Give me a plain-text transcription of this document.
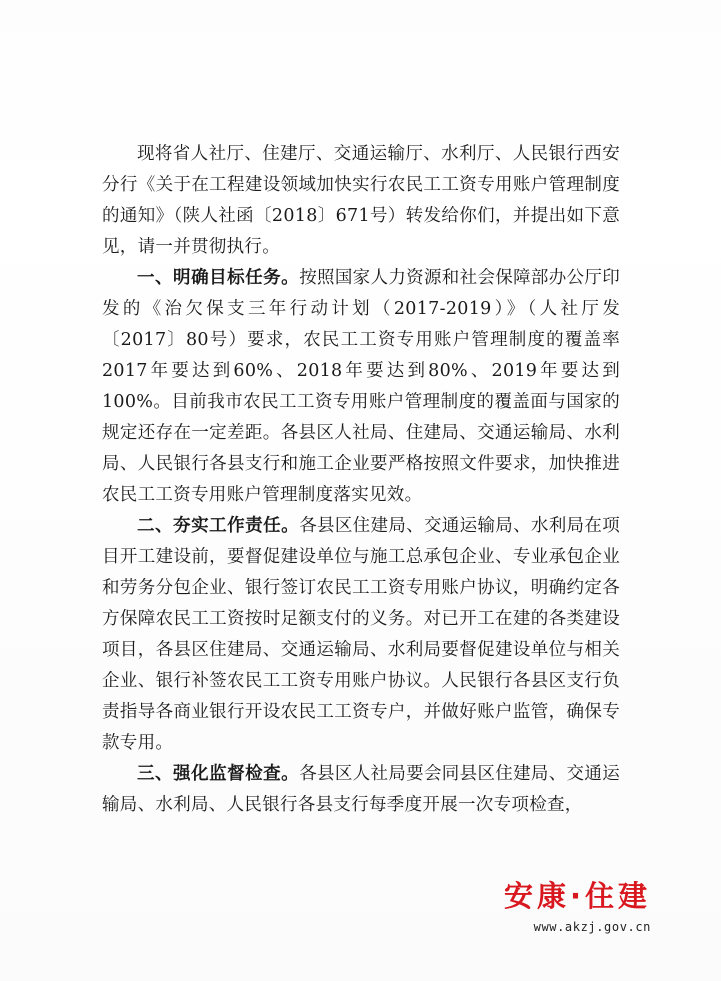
现将省人社厅、住建厅、交通运输厅、水利厅、人民银行西安分行《关于在工程建设领域加快实行农民工工资专用账户管理制度的通知》（陕人社函〔2018〕671号）转发给你们，并提出如下意见，请一并贯彻执行。

一、明确目标任务。按照国家人力资源和社会保障部办公厅印发的《治欠保支三年行动计划（2017-2019）》（人社厅发〔2017〕80号）要求，农民工工资专用账户管理制度的覆盖率2017年要达到60%、2018年要达到80%、2019年要达到100%。目前我市农民工工资专用账户管理制度的覆盖面与国家的规定还存在一定差距。各县区人社局、住建局、交通运输局、水利局、人民银行各县支行和施工企业要严格按照文件要求，加快推进农民工工资专用账户管理制度落实见效。

二、夯实工作责任。各县区住建局、交通运输局、水利局在项目开工建设前，要督促建设单位与施工总承包企业、专业承包企业和劳务分包企业、银行签订农民工工资专用账户协议，明确约定各方保障农民工工资按时足额支付的义务。对已开工在建的各类建设项目，各县区住建局、交通运输局、水利局要督促建设单位与相关企业、银行补签农民工工资专用账户协议。人民银行各县区支行负责指导各商业银行开设农民工工资专户，并做好账户监管，确保专款专用。

三、强化监督检查。各县区人社局要会同县区住建局、交通运输局、水利局、人民银行各县支行每季度开展一次专项检查，

安康·住建
www.akzj.gov.cn
